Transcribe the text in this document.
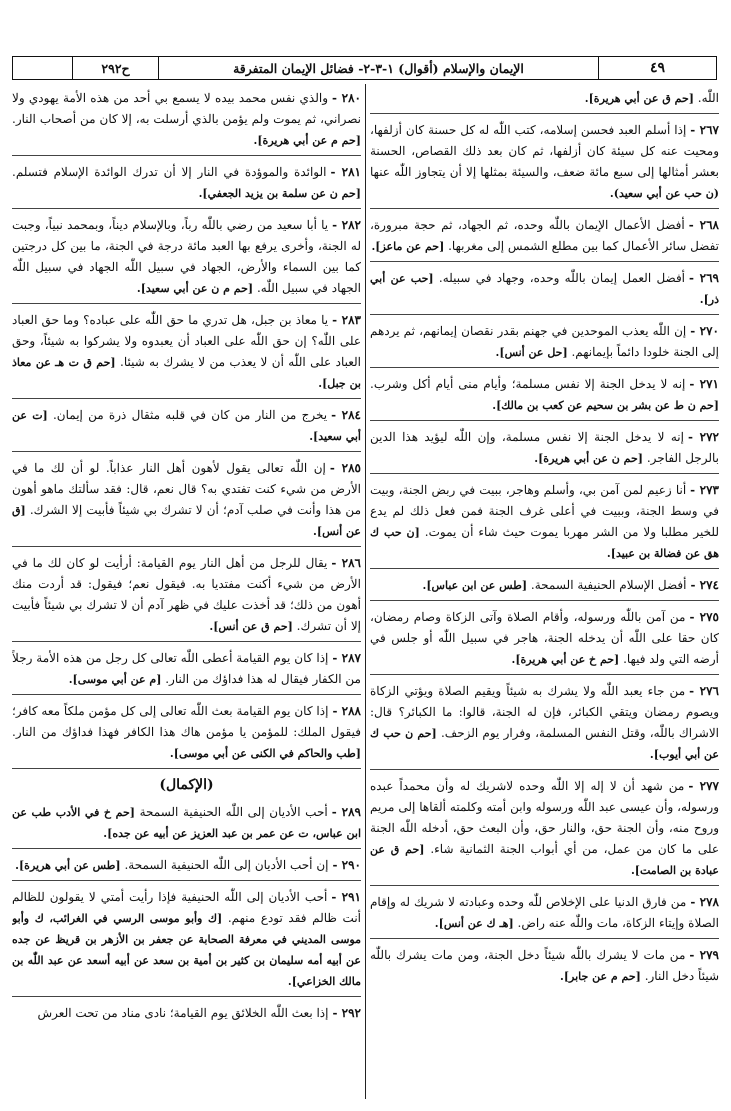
ح٢٩٢	الإيمان والإسلام (أقوال) ١-٣-٢- فضائل الإيمان المتفرقة	٤٩
اللّٰه. [حم ق عن أبي هريرة].
٢٦٧ -إذا أسلم العبد فحسن إسلامه، كتب اللّٰه له كل حسنة كان أزلفها، ومحيت عنه كل سيئة كان أزلفها، ثم كان بعد ذلك القصاص، الحسنة بعشر أمثالها إلى سبع مائة ضعف، والسيئة بمثلها إلا أن يتجاوز اللّٰه عنها (ن حب عن أبي سعيد).
٢٦٨ -أفضل الأعمال الإيمان باللّٰه وحده، ثم الجهاد، ثم حجة مبرورة، تفضل سائر الأعمال كما بين مطلع الشمس إلى مغربها. [حم عن ماعز].
٢٦٩ -أفضل العمل إيمان باللّٰه وحده، وجهاد في سبيله. [حب عن أبي ذر].
٢٧٠ -إن اللّٰه يعذب الموحدين في جهنم بقدر نقصان إيمانهم، ثم يردهم إلى الجنة خلودا دائماً بإيمانهم. [حل عن أنس].
٢٧١ -إنه لا يدخل الجنة إلا نفس مسلمة؛ وأيام منى أيام أكل وشرب. [حم ن ط عن بشر بن سحيم عن كعب بن مالك].
٢٧٢ -إنه لا يدخل الجنة إلا نفس مسلمة، وإن اللّٰه ليؤيد هذا الدين بالرجل الفاجر. [حم ن عن أبي هريرة].
٢٧٣ -أنا زعيم لمن آمن بي، وأسلم وهاجر، ببيت في ربض الجنة، وبيت في وسط الجنة، وببيت في أعلى غرف الجنة فمن فعل ذلك لم يدع للخير مطلبا ولا من الشر مهربا يموت حيث شاء أن يموت. [ن حب ك هق عن فضالة بن عبيد].
٢٧٤ -أفضل الإسلام الحنيفية السمحة. [طس عن ابن عباس].
٢٧٥ -من آمن باللّٰه ورسوله، وأقام الصلاة وآتى الزكاة وصام رمضان، كان حقا على اللّٰه أن يدخله الجنة، هاجر في سبيل اللّٰه أو جلس في أرضه التي ولد فيها. [حم خ عن أبي هريرة].
٢٧٦ -من جاء يعبد اللّٰه ولا يشرك به شيئاً ويقيم الصلاة ويؤتي الزكاة ويصوم رمضان ويتقي الكبائر، فإن له الجنة، قالوا: ما الكبائر؟ قال: الاشراك باللّٰه، وقتل النفس المسلمة، وفرار يوم الزحف. [حم ن حب ك عن أبي أيوب].
٢٧٧ -من شهد أن لا إله إلا اللّٰه وحده لاشريك له وأن محمداً عبده ورسوله، وأن عيسى عبد اللّٰه ورسوله وابن أمته وكلمته ألقاها إلى مريم وروح منه، وأن الجنة حق، والنار حق، وأن البعث حق، أدخله اللّٰه الجنة على ما كان من عمل، من أي أبواب الجنة الثمانية شاء. [حم ق عن عبادة بن الصامت].
٢٧٨ -من فارق الدنيا على الإخلاص للّٰه وحده وعبادته لا شريك له وإقام الصلاة وإيتاء الزكاة، مات واللّٰه عنه راض. [هـ ك عن أنس].
٢٧٩ -من مات لا يشرك باللّٰه شيئاً دخل الجنة، ومن مات يشرك باللّٰه شيئاً دخل النار. [حم م عن جابر].
٢٨٠ -والذي نفس محمد بيده لا يسمع بي أحد من هذه الأمة يهودي ولا نصراني، ثم يموت ولم يؤمن بالذي أرسلت به، إلا كان من أصحاب النار. [حم م عن أبي هريرة].
٢٨١ -الوائدة والموؤدة في النار إلا أن تدرك الوائدة الإسلام فتسلم. [حم ن عن سلمة بن يزيد الجعفي].
٢٨٢ -يا أبا سعيد من رضي باللّٰه رباً، وبالإسلام ديناً، وبمحمد نبياً، وجبت له الجنة، وأخرى يرفع بها العبد مائة درجة في الجنة، ما بين كل درجتين كما بين السماء والأرض، الجهاد في سبيل اللّٰه الجهاد في سبيل اللّٰه الجهاد في سبيل اللّٰه. [حم م ن عن أبي سعيد].
٢٨٣ -يا معاذ بن جبل، هل تدري ما حق اللّٰه على عباده؟ وما حق العباد على اللّٰه؟ إن حق اللّٰه على العباد أن يعبدوه ولا يشركوا به شيئاً، وحق العباد على اللّٰه أن لا يعذب من لا يشرك به شيئا. [حم ق ت هـ عن معاذ بن جبل].
٢٨٤ -يخرج من النار من كان في قلبه مثقال ذرة من إيمان. [ت عن أبي سعيد].
٢٨٥ -إن اللّٰه تعالى يقول لأهون أهل النار عذاباً. لو أن لك ما في الأرض من شيء كنت تفتدي به؟ قال نعم، قال: فقد سألتك ماهو أهون من هذا وأنت في صلب آدم؛ أن لا تشرك بي شيئاً فأبيت إلا الشرك. [ق عن أنس].
٢٨٦ -يقال للرجل من أهل النار يوم القيامة: أرأيت لو كان لك ما في الأرض من شيء أكنت مفتديا به. فيقول نعم؛ فيقول: قد أردت منك أهون من ذلك؛ قد أخذت عليك في ظهر آدم أن لا تشرك بي شيئاً فأبيت إلا أن تشرك. [حم ق عن أنس].
٢٨٧ -إذا كان يوم القيامة أعطى اللّٰه تعالى كل رجل من هذه الأمة رجلاً من الكفار فيقال له هذا فداؤك من النار. [م عن أبي موسى].
٢٨٨ -إذا كان يوم القيامة بعث اللّٰه تعالى إلى كل مؤمن ملكاً معه كافر؛ فيقول الملك: للمؤمن يا مؤمن هاك هذا الكافر فهذا فداؤك من النار. [طب والحاكم في الكنى عن أبي موسى].
(الإكمال)
٢٨٩ -أحب الأديان إلى اللّٰه الحنيفية السمحة [حم خ في الأدب طب عن ابن عباس، ت عن عمر بن عبد العزيز عن أبيه عن جده].
٢٩٠ -إن أحب الأديان إلى اللّٰه الحنيفية السمحة. [طس عن أبي هريرة].
٢٩١ -أحب الأديان إلى اللّٰه الحنيفية فإذا رأيت أمتي لا يقولون للظالم أنت ظالم فقد تودع منهم. [ك وأبو موسى الرسي في الغرائب، ك وأبو موسى المديني في معرفة الصحابة عن جعفر بن الأزهر بن قريظ عن جده عن أبيه أمه سليمان بن كثير بن أمية بن سعد عن أبيه أسعد عن عبد اللّٰه بن مالك الخزاعي].
٢٩٢ -إذا بعث اللّٰه الخلائق يوم القيامة؛ نادى مناد من تحت العرش
